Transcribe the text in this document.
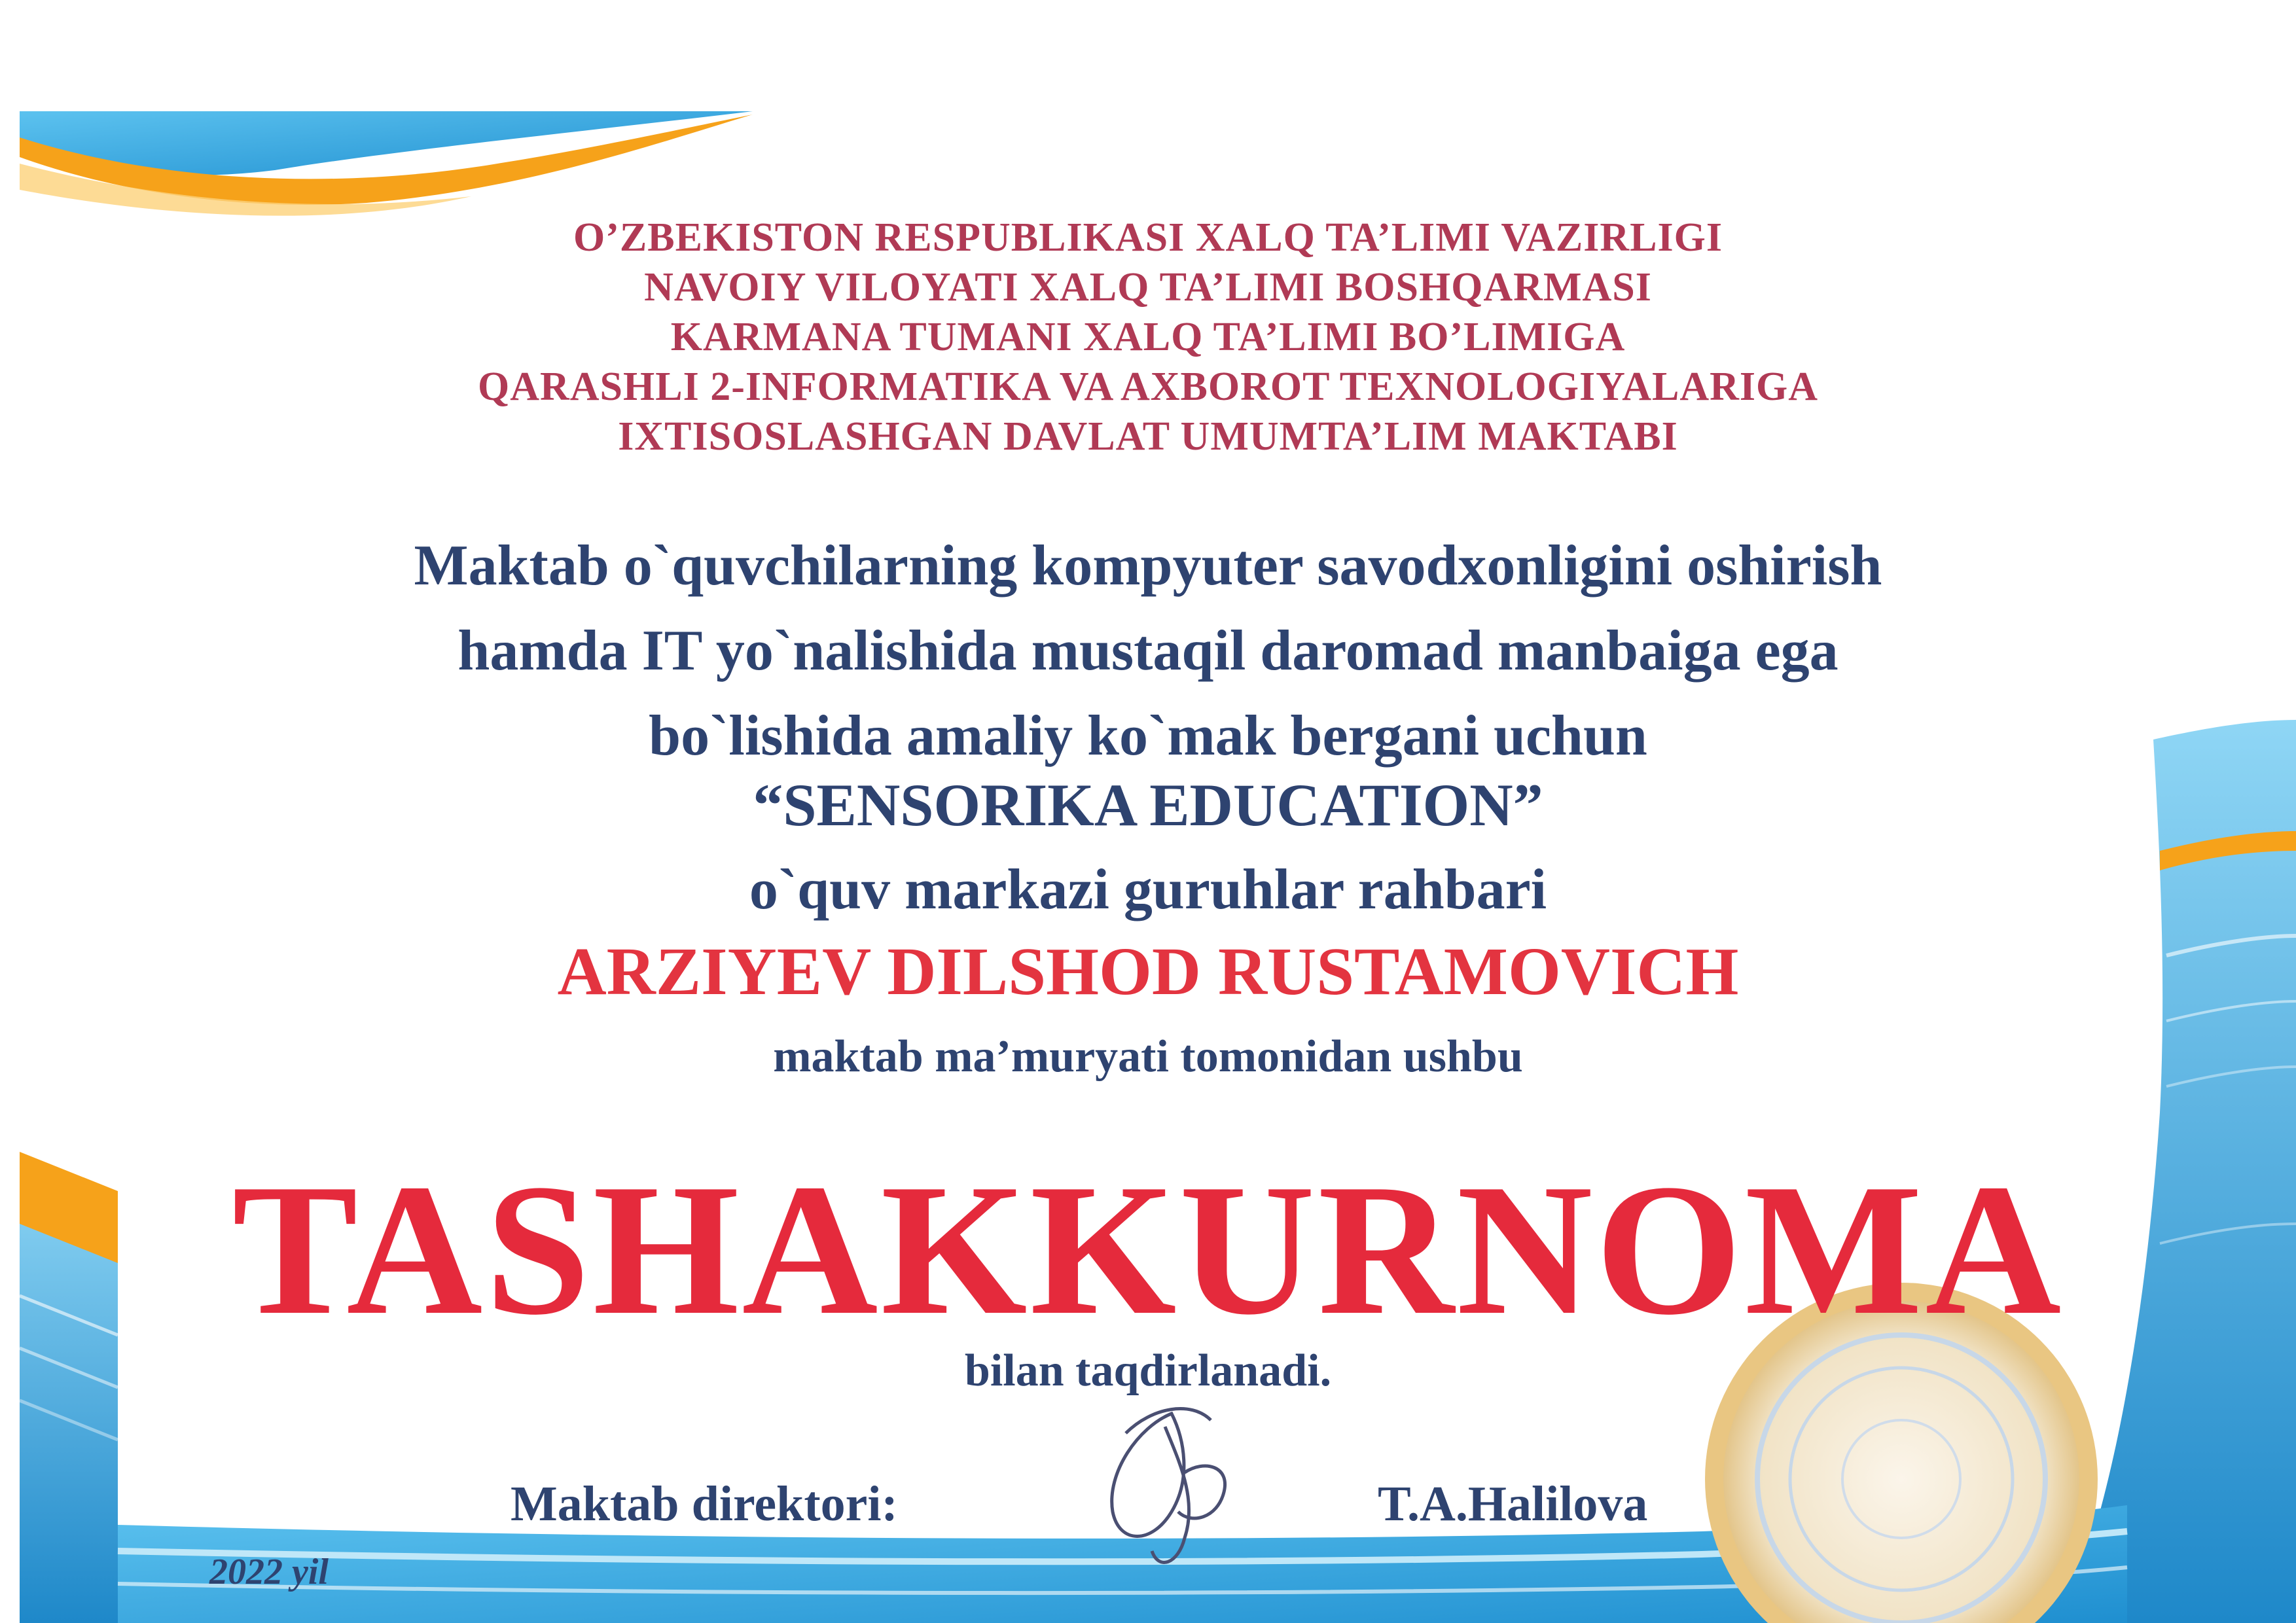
O’ZBEKISTON RESPUBLIKASI XALQ TA’LIMI VAZIRLIGI
NAVOIY VILOYATI XALQ TA’LIMI BOSHQARMASI
KARMANA TUMANI XALQ TA’LIMI BO’LIMIGA
QARASHLI 2-INFORMATIKA VA AXBOROT TEXNOLOGIYALARIGA
IXTISOSLASHGAN DAVLAT UMUMTA’LIM MAKTABI
Maktab o`quvchilarning kompyuter savodxonligini oshirish
hamda IT yo`nalishida mustaqil daromad manbaiga ega
bo`lishida amaliy ko`mak bergani uchun
“SENSORIKA EDUCATION”
o`quv markazi guruhlar rahbari
ARZIYEV DILSHOD RUSTAMOVICH
maktab ma’muryati tomonidan ushbu
TASHAKKURNOMA
bilan taqdirlanadi.
Maktab direktori:	T.A.Halilova
2022 yil
